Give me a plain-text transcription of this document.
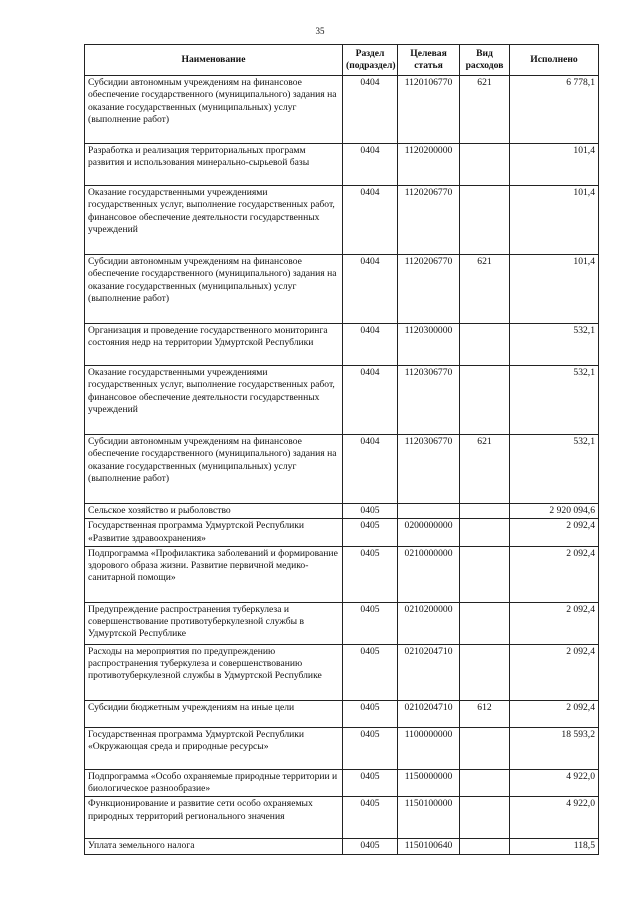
35
Наименование	Раздел (подраздел)	Целевая статья	Вид расходов	Исполнено
Субсидии автономным учреждениям на финансовое обеспечение государственного (муниципального) задания на оказание государственных (муниципальных) услуг (выполнение работ)	0404	1120106770	621	6 778,1
Разработка и реализация территориальных программ развития и использования минерально-сырьевой базы	0404	1120200000		101,4
Оказание государственными учреждениями государственных услуг, выполнение государственных работ, финансовое обеспечение деятельности государственных учреждений	0404	1120206770		101,4
Субсидии автономным учреждениям на финансовое обеспечение государственного (муниципального) задания на оказание государственных (муниципальных) услуг (выполнение работ)	0404	1120206770	621	101,4
Организация и проведение государственного мониторинга состояния недр на территории Удмуртской Республики	0404	1120300000		532,1
Оказание государственными учреждениями государственных услуг, выполнение государственных работ, финансовое обеспечение деятельности государственных учреждений	0404	1120306770		532,1
Субсидии автономным учреждениям на финансовое обеспечение государственного (муниципального) задания на оказание государственных (муниципальных) услуг (выполнение работ)	0404	1120306770	621	532,1
Сельское хозяйство и рыболовство	0405			2 920 094,6
Государственная программа Удмуртской Республики «Развитие здравоохранения»	0405	0200000000		2 092,4
Подпрограмма «Профилактика заболеваний и формирование здорового образа жизни. Развитие первичной медико-санитарной помощи»	0405	0210000000		2 092,4
Предупреждение распространения туберкулеза и совершенствование противотуберкулезной службы в Удмуртской Республике	0405	0210200000		2 092,4
Расходы на мероприятия по предупреждению распространения туберкулеза и совершенствованию противотуберкулезной службы в Удмуртской Республике	0405	0210204710		2 092,4
Субсидии бюджетным учреждениям на иные цели	0405	0210204710	612	2 092,4
Государственная программа Удмуртской Республики «Окружающая среда и природные ресурсы»	0405	1100000000		18 593,2
Подпрограмма «Особо охраняемые природные территории и биологическое разнообразие»	0405	1150000000		4 922,0
Функционирование и развитие сети особо охраняемых природных территорий регионального значения	0405	1150100000		4 922,0
Уплата земельного налога	0405	1150100640		118,5
